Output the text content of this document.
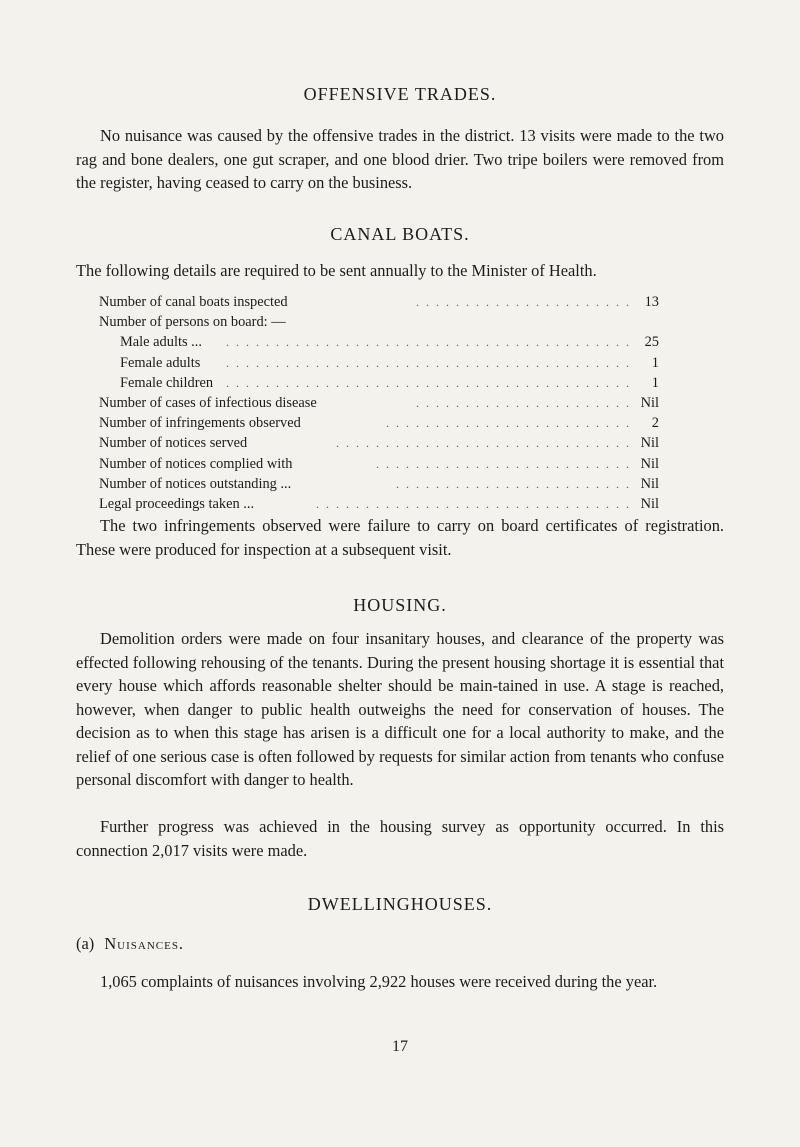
OFFENSIVE TRADES.
No nuisance was caused by the offensive trades in the district. 13 visits were made to the two rag and bone dealers, one gut scraper, and one blood drier. Two tripe boilers were removed from the register, having ceased to carry on the business.
CANAL BOATS.
The following details are required to be sent annually to the Minister of Health.
Number of canal boats inspected	. . . . . . . . . . . . . . . . . . . . . . 13
Number of persons on board: —
Male adults ...	. . . . . . . . . . . . . . . . . . . . . . . . . . . . . . . . . . . . . . . . . 25
Female adults	. . . . . . . . . . . . . . . . . . . . . . . . . . . . . . . . . . . . . . . . .	1
Female children	. . . . . . . . . . . . . . . . . . . . . . . . . . . . . . . . . . . . . . . . .	1
Number of cases of infectious disease	. . . . . . . . . . . . . . . . . . . . . . Nil
Number of infringements observed	. . . . . . . . . . . . . . . . . . . . . . . . .	2
Number of notices served	. . . . . . . . . . . . . . . . . . . . . . . . . . . . . . Nil
Number of notices complied with	. . . . . . . . . . . . . . . . . . . . . . . . . . Nil
Number of notices outstanding ...	. . . . . . . . . . . . . . . . . . . . . . . . Nil
Legal proceedings taken ...	. . . . . . . . . . . . . . . . . . . . . . . . . . . . . . . . Nil
The two infringements observed were failure to carry on board certificates of registration. These were produced for inspection at a subsequent visit.
HOUSING.
Demolition orders were made on four insanitary houses, and clearance of the property was effected following rehousing of the tenants. During the present housing shortage it is essential that every house which affords reasonable shelter should be main-tained in use. A stage is reached, however, when danger to public health outweighs the need for conservation of houses. The decision as to when this stage has arisen is a difficult one for a local authority to make, and the relief of one serious case is often followed by requests for similar action from tenants who confuse personal discomfort with danger to health.
Further progress was achieved in the housing survey as opportunity occurred. In this connection 2,017 visits were made.
DWELLINGHOUSES.
(a) Nuisances.
1,065 complaints of nuisances involving 2,922 houses were received during the year.
17
